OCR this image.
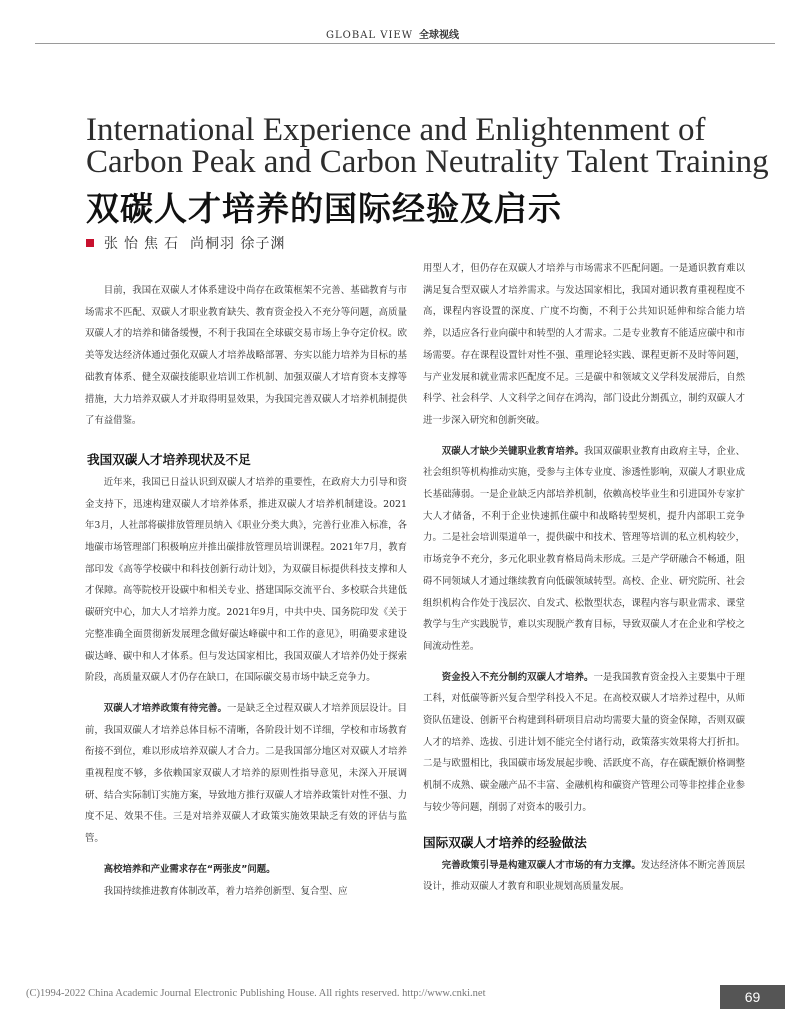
GLOBAL VIEW 全球视线
International Experience and Enlightenment of
Carbon Peak and Carbon Neutrality Talent Training
双碳人才培养的国际经验及启示
张怡焦石 尚桐羽 徐子渊

目前，我国在双碳人才体系建设中尚存在政策框架不完善、基础教育与市场需求不匹配、双碳人才职业教育缺失、教育资金投入不充分等问题，高质量双碳人才的培养和储备缓慢，不利于我国在全球碳交易市场上争夺定价权。欧美等发达经济体通过强化双碳人才培养战略部署、夯实以能力培养为目标的基础教育体系、健全双碳技能职业培训工作机制、加强双碳人才培育资本支撑等措施，大力培养双碳人才并取得明显效果，为我国完善双碳人才培养机制提供了有益借鉴。

我国双碳人才培养现状及不足

近年来，我国已日益认识到双碳人才培养的重要性，在政府大力引导和资金支持下，迅速构建双碳人才培养体系，推进双碳人才培养机制建设。2021年3月，人社部将碳排放管理员纳入《职业分类大典》，完善行业准入标准，各地碳市场管理部门积极响应并推出碳排放管理员培训课程。2021年7月，教育部印发《高等学校碳中和科技创新行动计划》，为双碳目标提供科技支撑和人才保障。高等院校开设碳中和相关专业、搭建国际交流平台、多校联合共建低碳研究中心，加大人才培养力度。2021年9月，中共中央、国务院印发《关于完整准确全面贯彻新发展理念做好碳达峰碳中和工作的意见》，明确要求建设碳达峰、碳中和人才体系。但与发达国家相比，我国双碳人才培养仍处于探索阶段，高质量双碳人才仍存在缺口，在国际碳交易市场中缺乏竞争力。

双碳人才培养政策有待完善。一是缺乏全过程双碳人才培养顶层设计。目前，我国双碳人才培养总体目标不清晰，各阶段计划不详细，学校和市场教育衔接不到位，难以形成培养双碳人才合力。二是我国部分地区对双碳人才培养重视程度不够，多依赖国家双碳人才培养的原则性指导意见，未深入开展调研、结合实际制订实施方案，导致地方推行双碳人才培养政策针对性不强、力度不足、效果不佳。三是对培养双碳人才政策实施效果缺乏有效的评估与监管。

高校培养和产业需求存在“两张皮”问题。

我国持续推进教育体制改革，着力培养创新型、复合型、应

用型人才，但仍存在双碳人才培养与市场需求不匹配问题。一是通识教育难以满足复合型双碳人才培养需求。与发达国家相比，我国对通识教育重视程度不高，课程内容设置的深度、广度不均衡，不利于公共知识延伸和综合能力培养，以适应各行业向碳中和转型的人才需求。二是专业教育不能适应碳中和市场需要。存在课程设置针对性不强、重理论轻实践、课程更新不及时等问题，与产业发展和就业需求匹配度不足。三是碳中和领域文义学科发展滞后，自然科学、社会科学、人文科学之间存在鸿沟，部门设此分割孤立，制约双碳人才进一步深入研究和创新突破。

双碳人才缺少关键职业教育培养。我国双碳职业教育由政府主导，企业、社会组织等机构推动实施，受参与主体专业度、渗透性影响，双碳人才职业成长基础薄弱。一是企业缺乏内部培养机制，依赖高校毕业生和引进国外专家扩大人才储备，不利于企业快速抓住碳中和战略转型契机，提升内部职工竞争力。二是社会培训渠道单一，提供碳中和技术、管理等培训的私立机构较少，市场竞争不充分，多元化职业教育格局尚未形成。三是产学研融合不畅通，阻碍不同领域人才通过继续教育向低碳领域转型。高校、企业、研究院所、社会组织机构合作处于浅层次、自发式、松散型状态，课程内容与职业需求、课堂教学与生产实践脱节，难以实现脱产教育目标，导致双碳人才在企业和学校之间流动性差。

资金投入不充分制约双碳人才培养。一是我国教育资金投入主要集中于理工科，对低碳等新兴复合型学科投入不足。在高校双碳人才培养过程中，从师资队伍建设、创新平台构建到科研项目启动均需要大量的资金保障，否则双碳人才的培养、选拔、引进计划不能完全付诸行动，政策落实效果将大打折扣。二是与欧盟相比，我国碳市场发展起步晚、活跃度不高，存在碳配额价格调整机制不成熟、碳金融产品不丰富、金融机构和碳资产管理公司等非控排企业参与较少等问题，削弱了对资本的吸引力。

国际双碳人才培养的经验做法

完善政策引导是构建双碳人才市场的有力支撑。发达经济体不断完善顶层设计，推动双碳人才教育和职业规划高质量发展。

(C)1994-2022 China Academic Journal Electronic Publishing House. All rights reserved. http://www.cnki.net	69
